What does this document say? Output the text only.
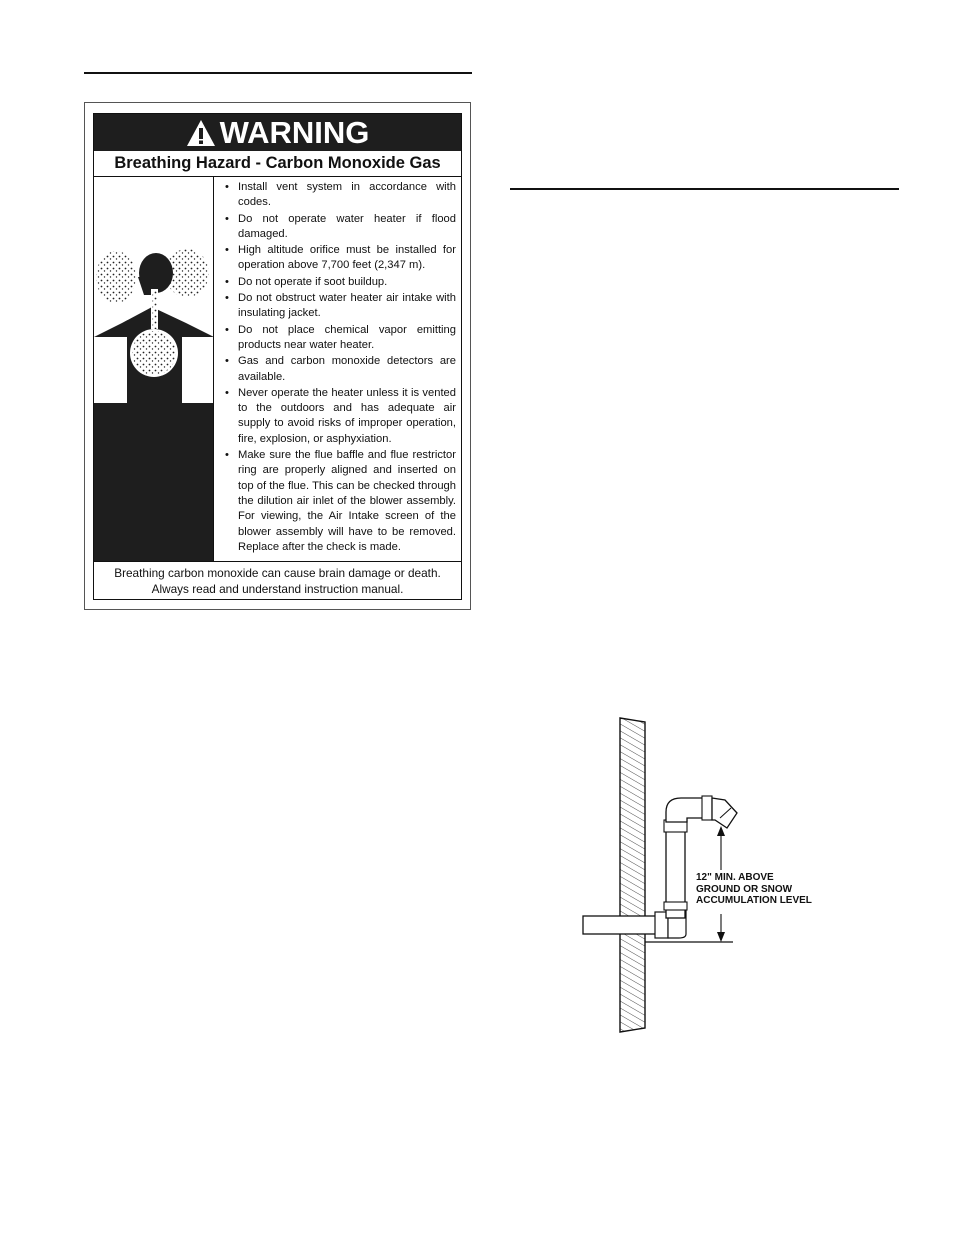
WARNING
Breathing Hazard - Carbon Monoxide Gas
• Install vent system in accordance with codes.
• Do not operate water heater if flood damaged.
• High altitude orifice must be installed for operation above 7,700 feet (2,347 m).
• Do not operate if soot buildup.
• Do not obstruct water heater air intake with insulating jacket.
• Do not place chemical vapor emitting products near water heater.
• Gas and carbon monoxide detectors are available.
• Never operate the heater unless it is vented to the outdoors and has adequate air supply to avoid risks of improper operation, fire, explosion, or asphyxiation.
• Make sure the flue baffle and flue restrictor ring are properly aligned and inserted on top of the flue. This can be checked through the dilution air inlet of the blower assembly. For viewing, the Air Intake screen of the blower assembly will have to be removed. Replace after the check is made.
Breathing carbon monoxide can cause brain damage or death.
Always read and understand instruction manual.
12" MIN. ABOVE
GROUND OR SNOW
ACCUMULATION LEVEL
